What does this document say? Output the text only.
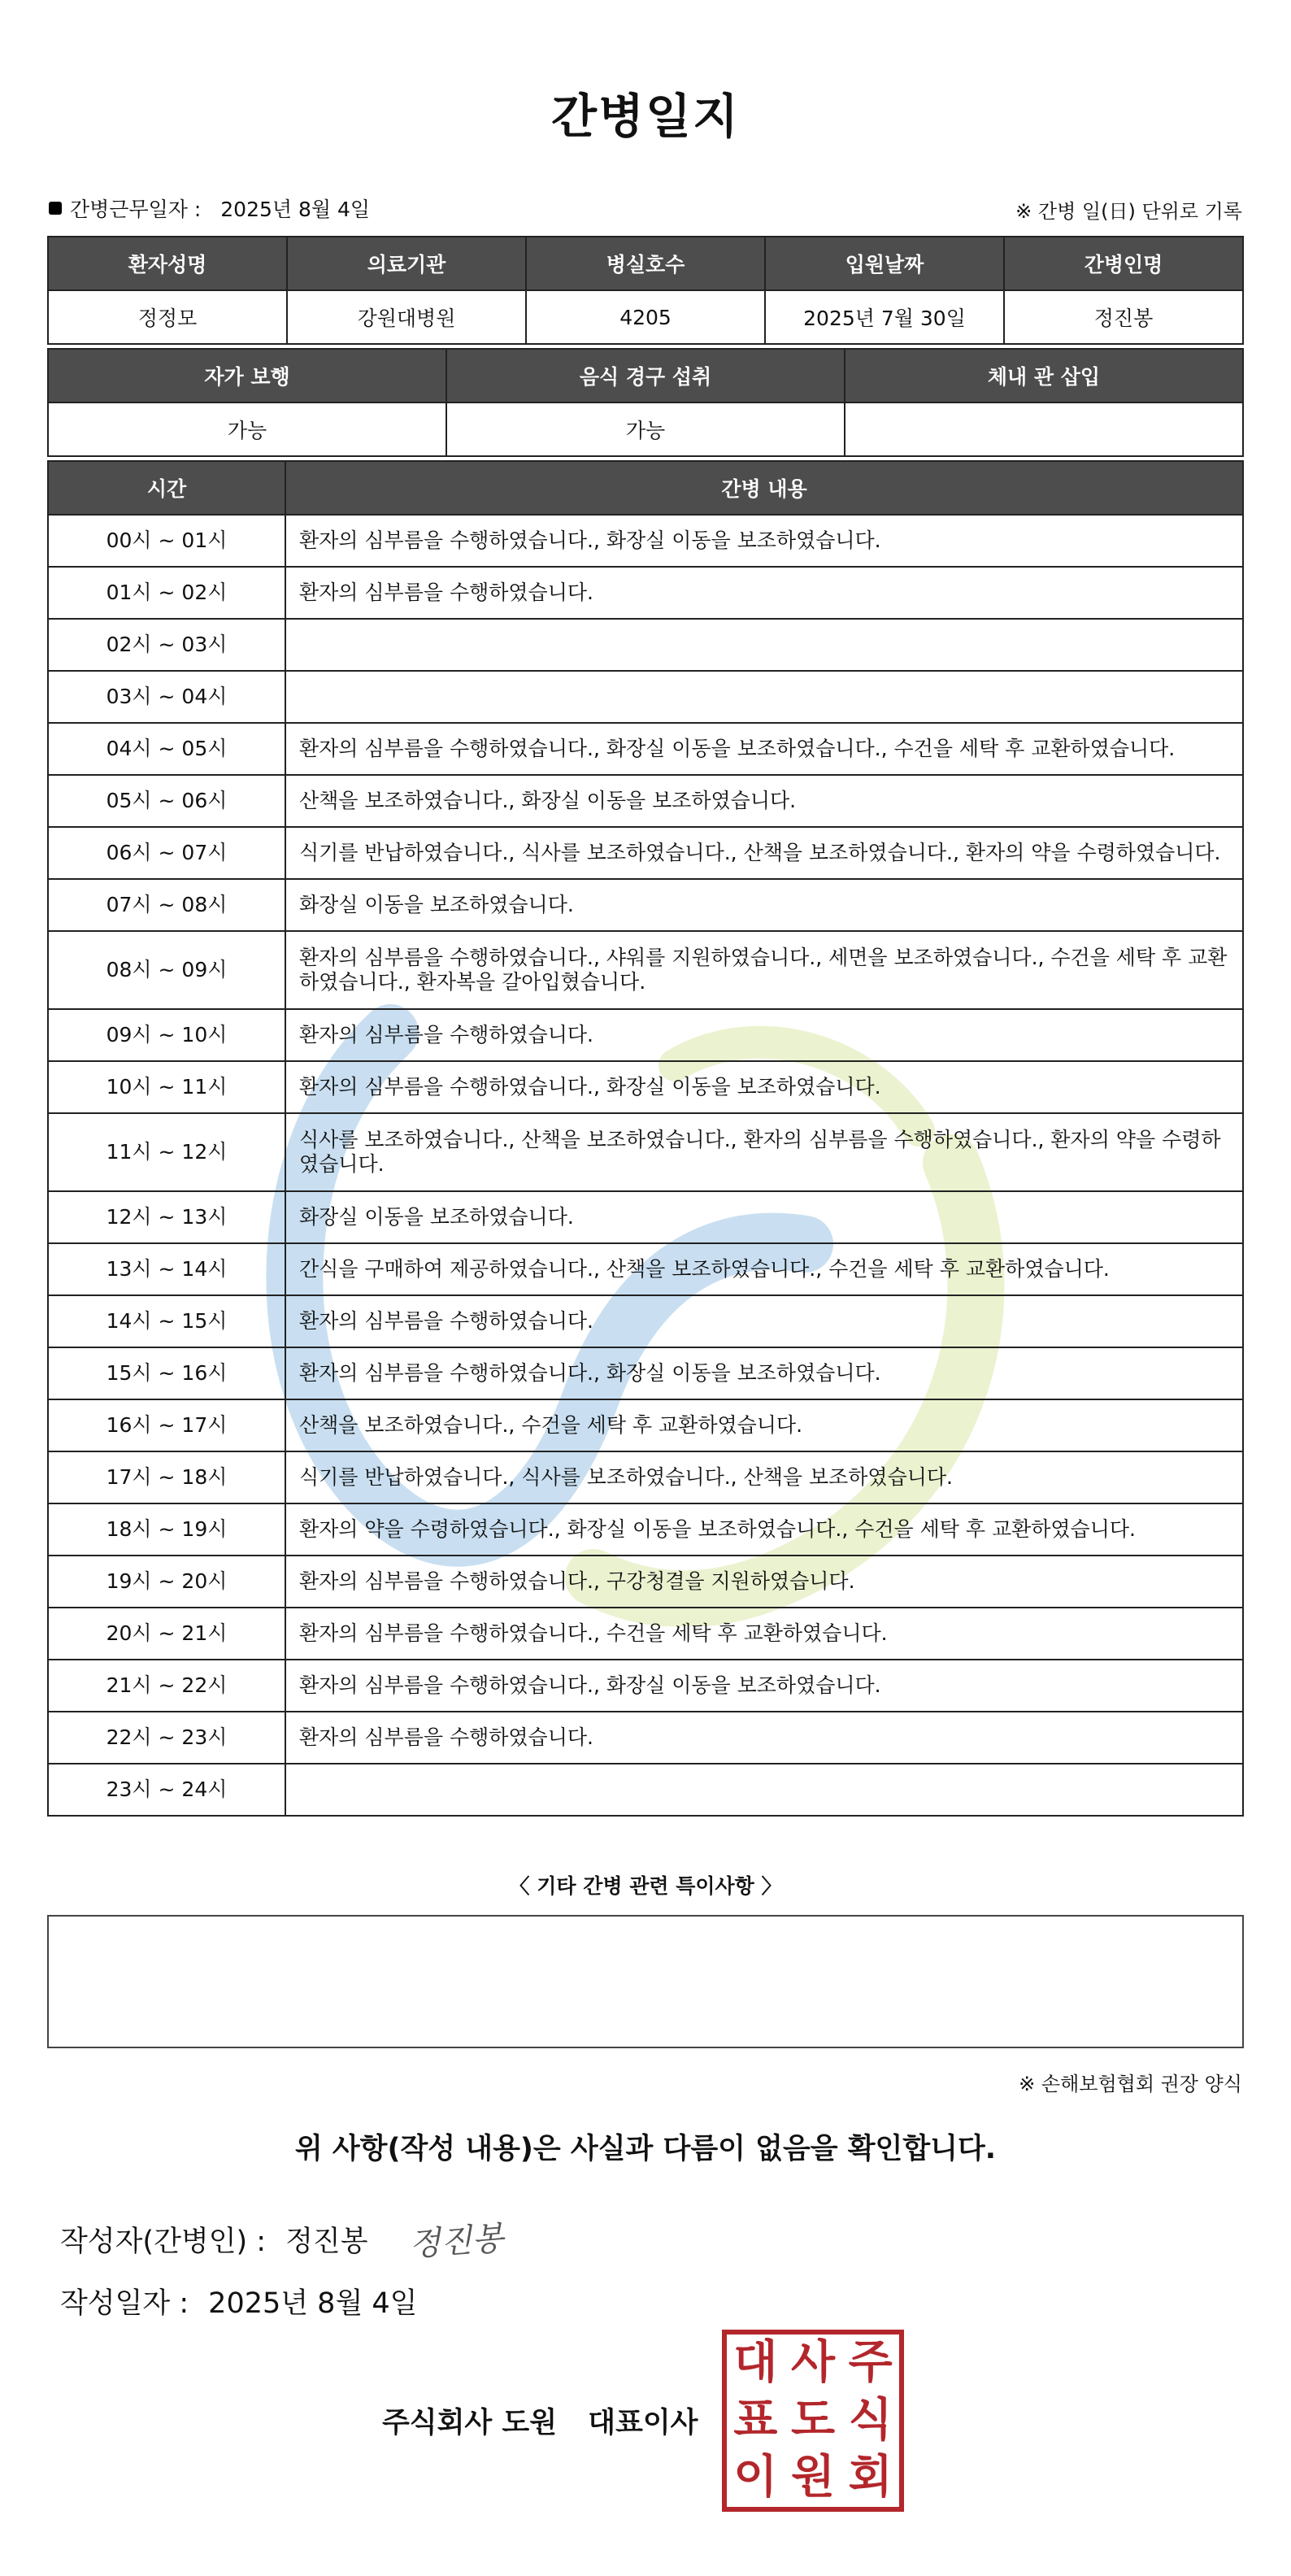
간병일지
간병근무일자 : 2025년 8월 4일	※ 간병 일(日) 단위로 기록
환자성명	의료기관	병실호수	입원날짜	간병인명
정정모	강원대병원	4205	2025년 7월 30일	정진봉
자가 보행	음식 경구 섭취	체내 관 삽입
가능	가능	
시간	간병 내용
00시 ~ 01시	환자의 심부름을 수행하였습니다., 화장실 이동을 보조하였습니다.
01시 ~ 02시	환자의 심부름을 수행하였습니다.
02시 ~ 03시	
03시 ~ 04시	
04시 ~ 05시	환자의 심부름을 수행하였습니다., 화장실 이동을 보조하였습니다., 수건을 세탁 후 교환하였습니다.
05시 ~ 06시	산책을 보조하였습니다., 화장실 이동을 보조하였습니다.
06시 ~ 07시	식기를 반납하였습니다., 식사를 보조하였습니다., 산책을 보조하였습니다., 환자의 약을 수령하였습니다.
07시 ~ 08시	화장실 이동을 보조하였습니다.
08시 ~ 09시	환자의 심부름을 수행하였습니다., 샤워를 지원하였습니다., 세면을 보조하였습니다., 수건을 세탁 후 교환하였습니다., 환자복을 갈아입혔습니다.
09시 ~ 10시	환자의 심부름을 수행하였습니다.
10시 ~ 11시	환자의 심부름을 수행하였습니다., 화장실 이동을 보조하였습니다.
11시 ~ 12시	식사를 보조하였습니다., 산책을 보조하였습니다., 환자의 심부름을 수행하였습니다., 환자의 약을 수령하였습니다.
12시 ~ 13시	화장실 이동을 보조하였습니다.
13시 ~ 14시	간식을 구매하여 제공하였습니다., 산책을 보조하였습니다., 수건을 세탁 후 교환하였습니다.
14시 ~ 15시	환자의 심부름을 수행하였습니다.
15시 ~ 16시	환자의 심부름을 수행하였습니다., 화장실 이동을 보조하였습니다.
16시 ~ 17시	산책을 보조하였습니다., 수건을 세탁 후 교환하였습니다.
17시 ~ 18시	식기를 반납하였습니다., 식사를 보조하였습니다., 산책을 보조하였습니다.
18시 ~ 19시	환자의 약을 수령하였습니다., 화장실 이동을 보조하였습니다., 수건을 세탁 후 교환하였습니다.
19시 ~ 20시	환자의 심부름을 수행하였습니다., 구강청결을 지원하였습니다.
20시 ~ 21시	환자의 심부름을 수행하였습니다., 수건을 세탁 후 교환하였습니다.
21시 ~ 22시	환자의 심부름을 수행하였습니다., 화장실 이동을 보조하였습니다.
22시 ~ 23시	환자의 심부름을 수행하였습니다.
23시 ~ 24시	
〈 기타 간병 관련 특이사항 〉
※ 손해보험협회 권장 양식
위 사항(작성 내용)은 사실과 다름이 없음을 확인합니다.
작성자(간병인) : 정진봉 정진봉
작성일자 : 2025년 8월 4일
주식회사 도원 대표이사
대 사 주
표 도 식
이 원 회
